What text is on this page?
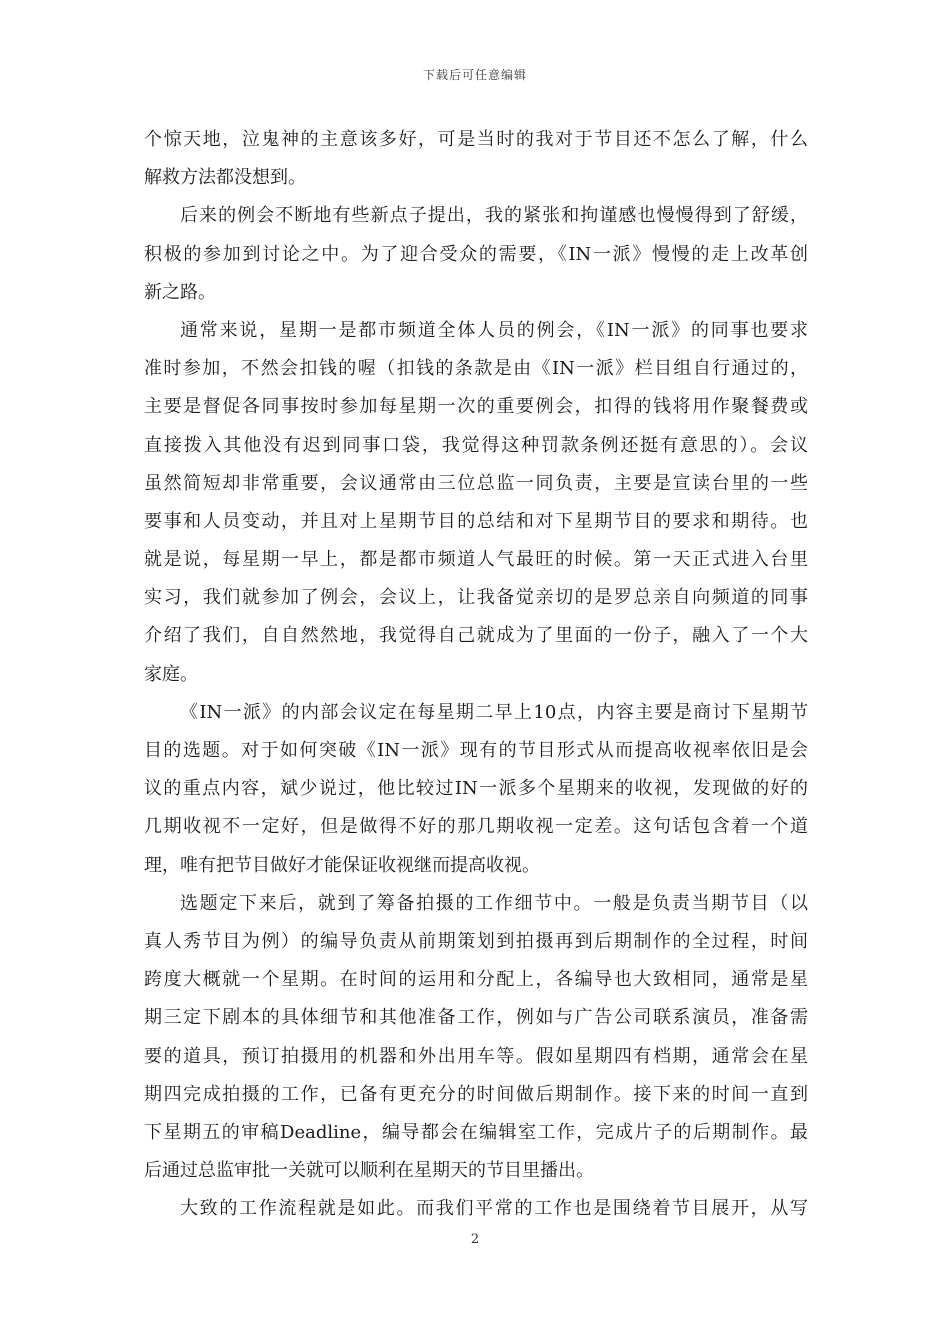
下载后可任意编辑
个惊天地，泣鬼神的主意该多好，可是当时的我对于节目还不怎么了解，什么
解救方法都没想到。
后来的例会不断地有些新点子提出，我的紧张和拘谨感也慢慢得到了舒缓，
积极的参加到讨论之中。为了迎合受众的需要，《IN一派》慢慢的走上改革创
新之路。
通常来说，星期一是都市频道全体人员的例会，《IN一派》的同事也要求
准时参加，不然会扣钱的喔（扣钱的条款是由《IN一派》栏目组自行通过的，
主要是督促各同事按时参加每星期一次的重要例会，扣得的钱将用作聚餐费或
直接拨入其他没有迟到同事口袋，我觉得这种罚款条例还挺有意思的）。会议
虽然简短却非常重要，会议通常由三位总监一同负责，主要是宣读台里的一些
要事和人员变动，并且对上星期节目的总结和对下星期节目的要求和期待。也
就是说，每星期一早上，都是都市频道人气最旺的时候。第一天正式进入台里
实习，我们就参加了例会，会议上，让我备觉亲切的是罗总亲自向频道的同事
介绍了我们，自自然然地，我觉得自己就成为了里面的一份子，融入了一个大
家庭。
《IN一派》的内部会议定在每星期二早上10点，内容主要是商讨下星期节
目的选题。对于如何突破《IN一派》现有的节目形式从而提高收视率依旧是会
议的重点内容，斌少说过，他比较过IN一派多个星期来的收视，发现做的好的
几期收视不一定好，但是做得不好的那几期收视一定差。这句话包含着一个道
理，唯有把节目做好才能保证收视继而提高收视。
选题定下来后，就到了筹备拍摄的工作细节中。一般是负责当期节目（以
真人秀节目为例）的编导负责从前期策划到拍摄再到后期制作的全过程，时间
跨度大概就一个星期。在时间的运用和分配上，各编导也大致相同，通常是星
期三定下剧本的具体细节和其他准备工作，例如与广告公司联系演员，准备需
要的道具，预订拍摄用的机器和外出用车等。假如星期四有档期，通常会在星
期四完成拍摄的工作，已备有更充分的时间做后期制作。接下来的时间一直到
下星期五的审稿Deadline，编导都会在编辑室工作，完成片子的后期制作。最
后通过总监审批一关就可以顺利在星期天的节目里播出。
大致的工作流程就是如此。而我们平常的工作也是围绕着节目展开，从写
2
